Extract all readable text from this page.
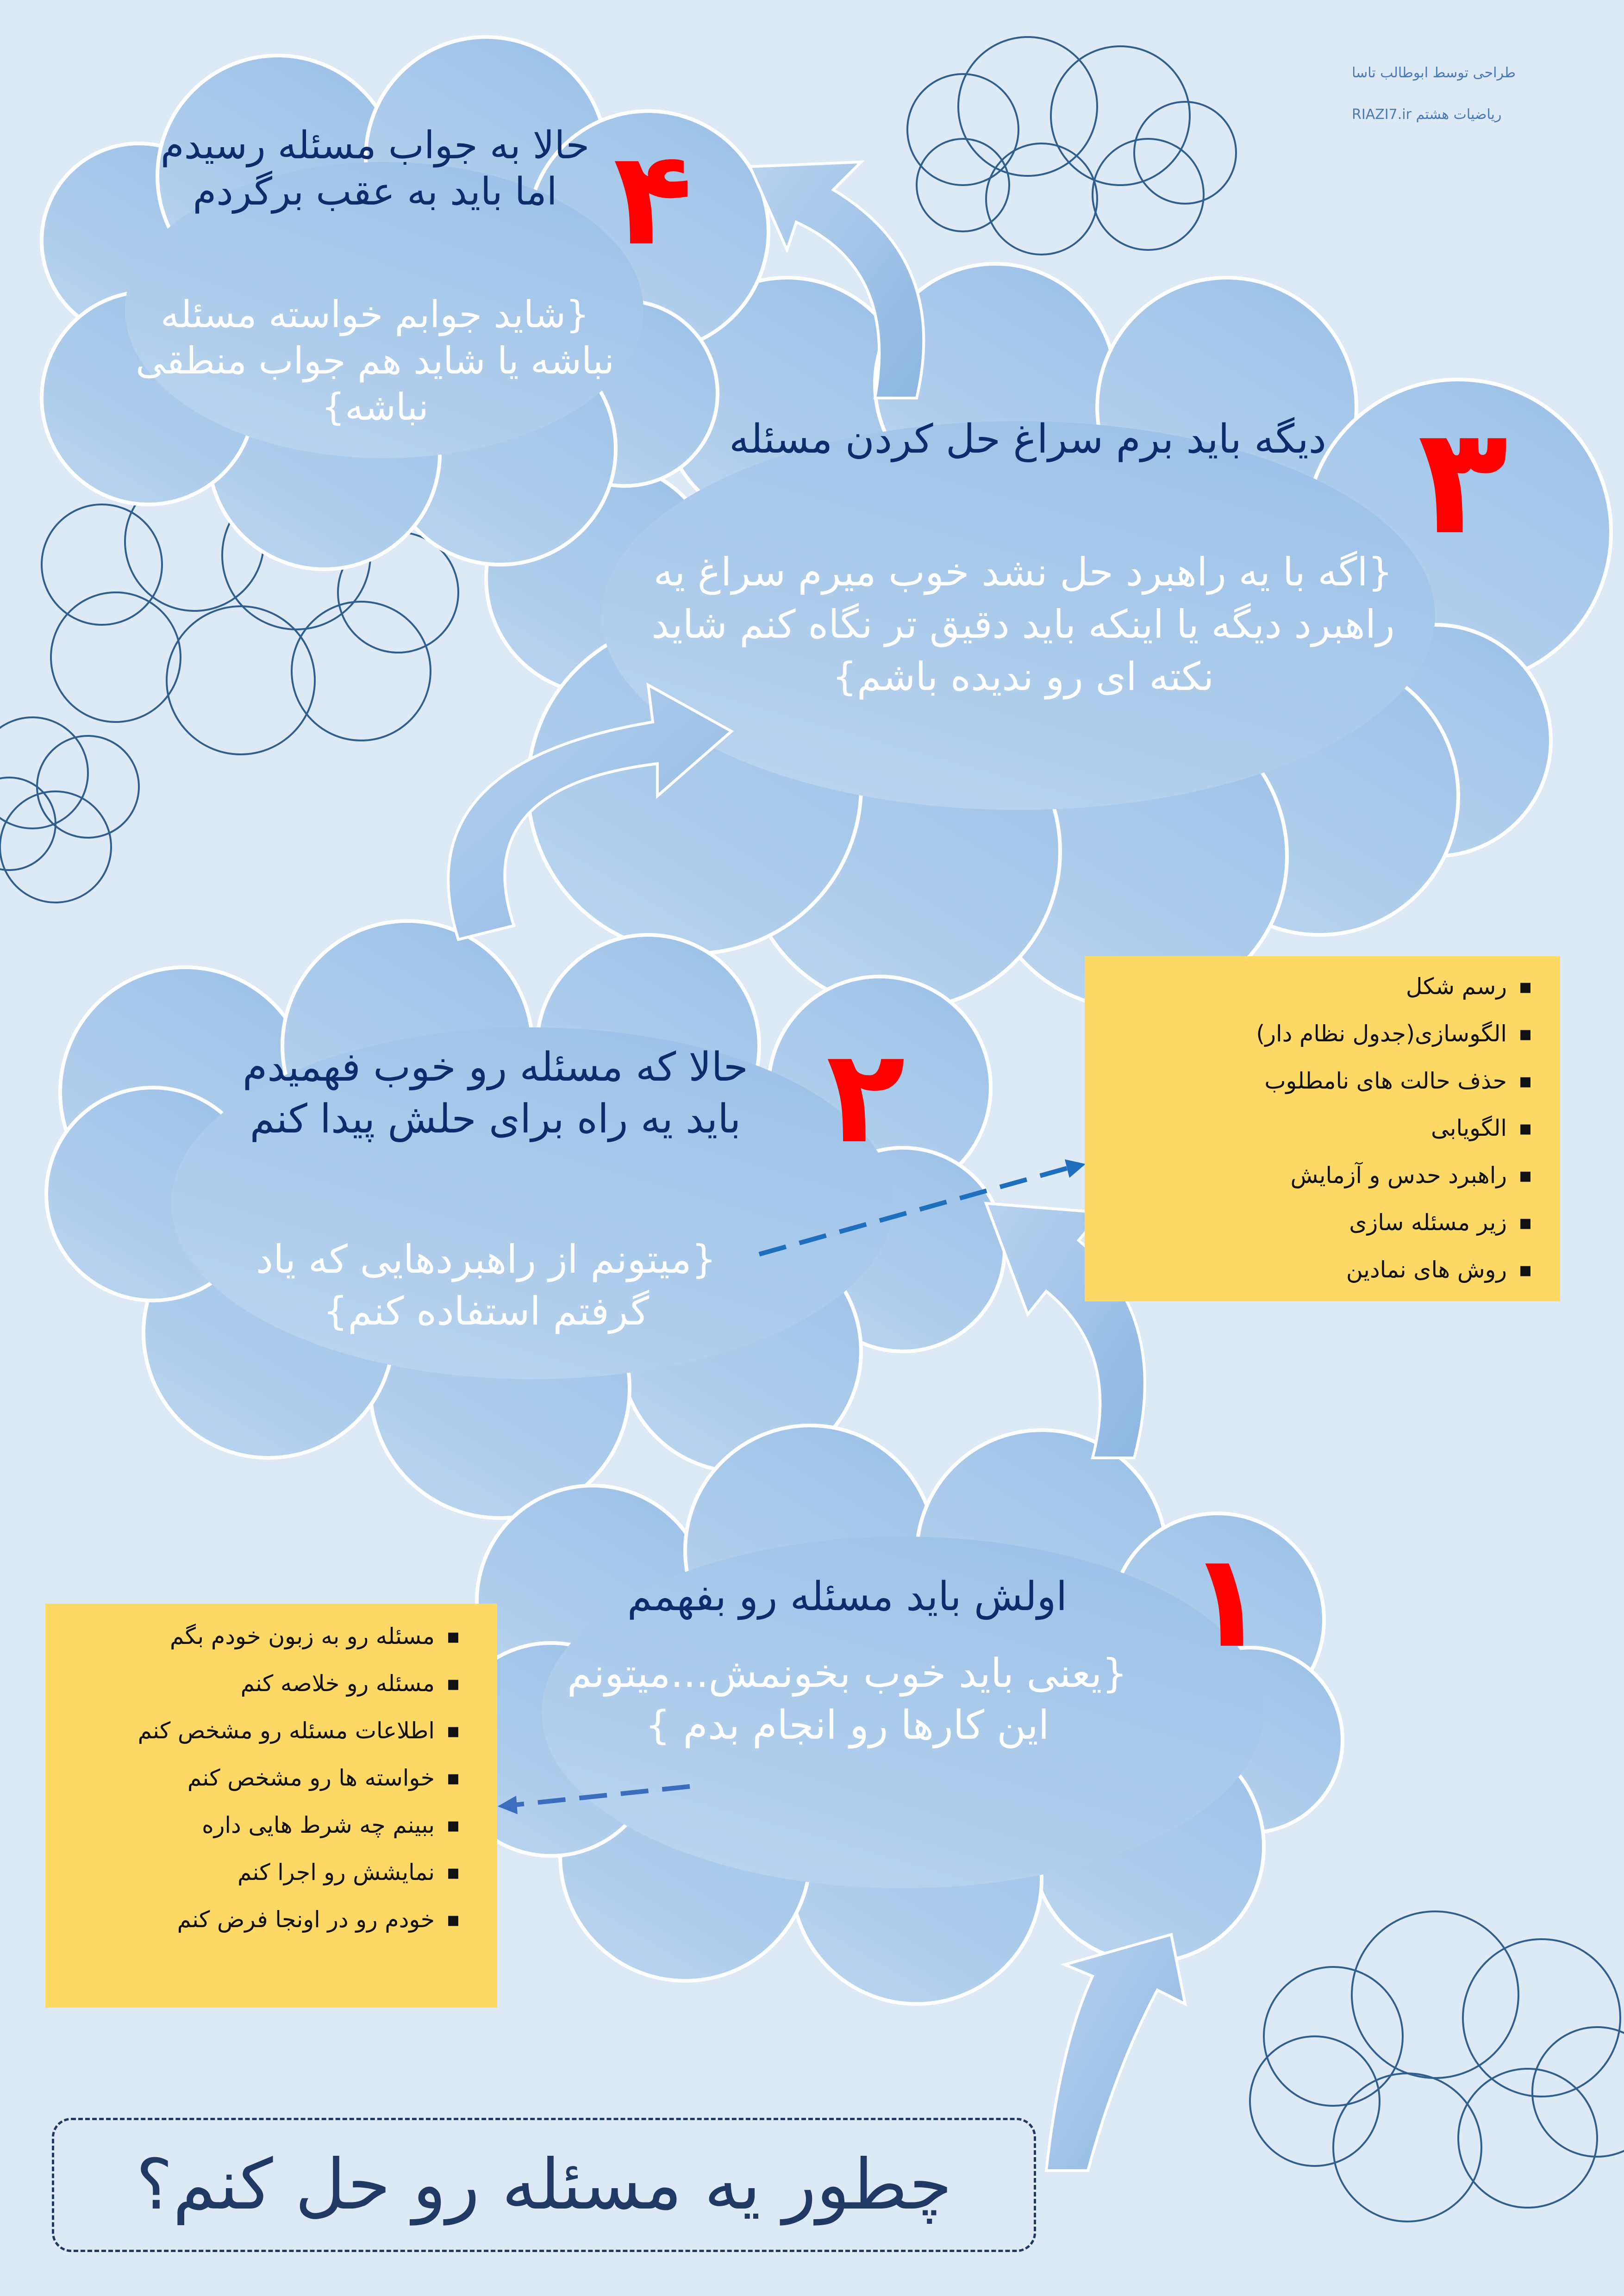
طراحی توسط ابوطالب تاسا
ریاضیات هشتم RIAZI7.ir
۴
حالا به جواب مسئله رسیدم اما باید به عقب برگردم
{شاید جوابم خواسته مسئله نباشه یا شاید هم جواب منطقی نباشه}	۳
دیگه باید برم سراغ حل کردن مسئله
{اگه با یه راهبرد حل نشد خوب میرم سراغ یه راهبرد دیگه یا اینکه باید دقیق تر نگاه کنم شاید نکته ای رو ندیده باشم}
۲
حالا که مسئله رو خوب فهمیدم باید یه راه برای حلش پیدا کنم
{میتونم از راهبردهایی که یاد گرفتم استفاده کنم}
۱
اولش باید مسئله رو بفهمم
{یعنی باید خوب بخونمش...میتونم این کارها رو انجام بدم }
▪ رسم شکل
▪ الگوسازی(جدول نظام دار)
▪ حذف حالت های نامطلوب
▪ الگویابی
▪ راهبرد حدس و آزمایش
▪ زیر مسئله سازی
▪ روش های نمادین
▪ مسئله رو به زبون خودم بگم
▪ مسئله رو خلاصه کنم
▪ اطلاعات مسئله رو مشخص کنم
▪ خواسته ها رو مشخص کنم
▪ ببینم چه شرط هایی داره
▪ نمایشش رو اجرا کنم
▪ خودم رو در اونجا فرض کنم
چطور یه مسئله رو حل کنم؟
